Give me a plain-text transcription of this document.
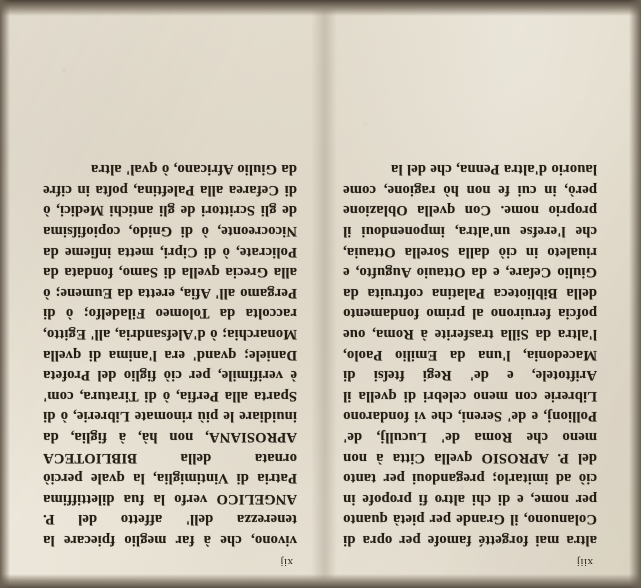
xiij

altra mai forgetté famofe per opra di Colanuono, il Grande per pietà quanto per nome, e di chi altro fi propofe in ciò ad imitarlo; pregandoui per tanto del P. APROSIO qvella Citta à non meno che Roma de' Lucullj, de' Pollionj, e de' Sereni, che vi fondarono Librerie con meno celebri di qvella il Ariftotele, e de' Regi fteſsi di Macedonia, l'una da Emilio Paolo, l'altra da Silla trasferite à Roma, oue pofcia feruirono al primo fondamento della Biblioteca Palatina coftruita da Giulio Ceſare, e da Ottauio Augufto, e riualeto in ciò dalla Sorella Ottauia, che l'erefse un'altra, imponendoui il proprio nome. Con qvella Oblazione però, in cui fe non hò ragione, come lauorio d'altra Penna, che del la

xij

vivono, che à far meglio fpiecare la tenerezza dell' affetto del P. ANGELICO verfo la fua dilettiffima Patria di Vintimiglia, la qvale perciò ornata della BIBLIOTECA APROSIANA, non hà, à figlia, da inuidiare le più rinomate Librerie, ò di Sparta alla Perfia, ò di Tiratura, com' è verifimile, per ciò figlio del Profeta Daniele; qvand' era l'anima di qvella Monarchia; ò d'Alefsandria, all' Egitto, raccolta da Tolomeo Filadelfo; ò di Pergamo all' Afia, eretta da Eumene; ò alla Grecia qvella di Samo, fondata da Policrate, ò di Cipri, metta inſieme da Nicocreonte, ò di Gnido, copiofiſsima de gli Scrittori de gli antichi Medici, ò di Cefarea alla Paleftina, poſta in cifre da Giulio Africano, ò qval' altra
